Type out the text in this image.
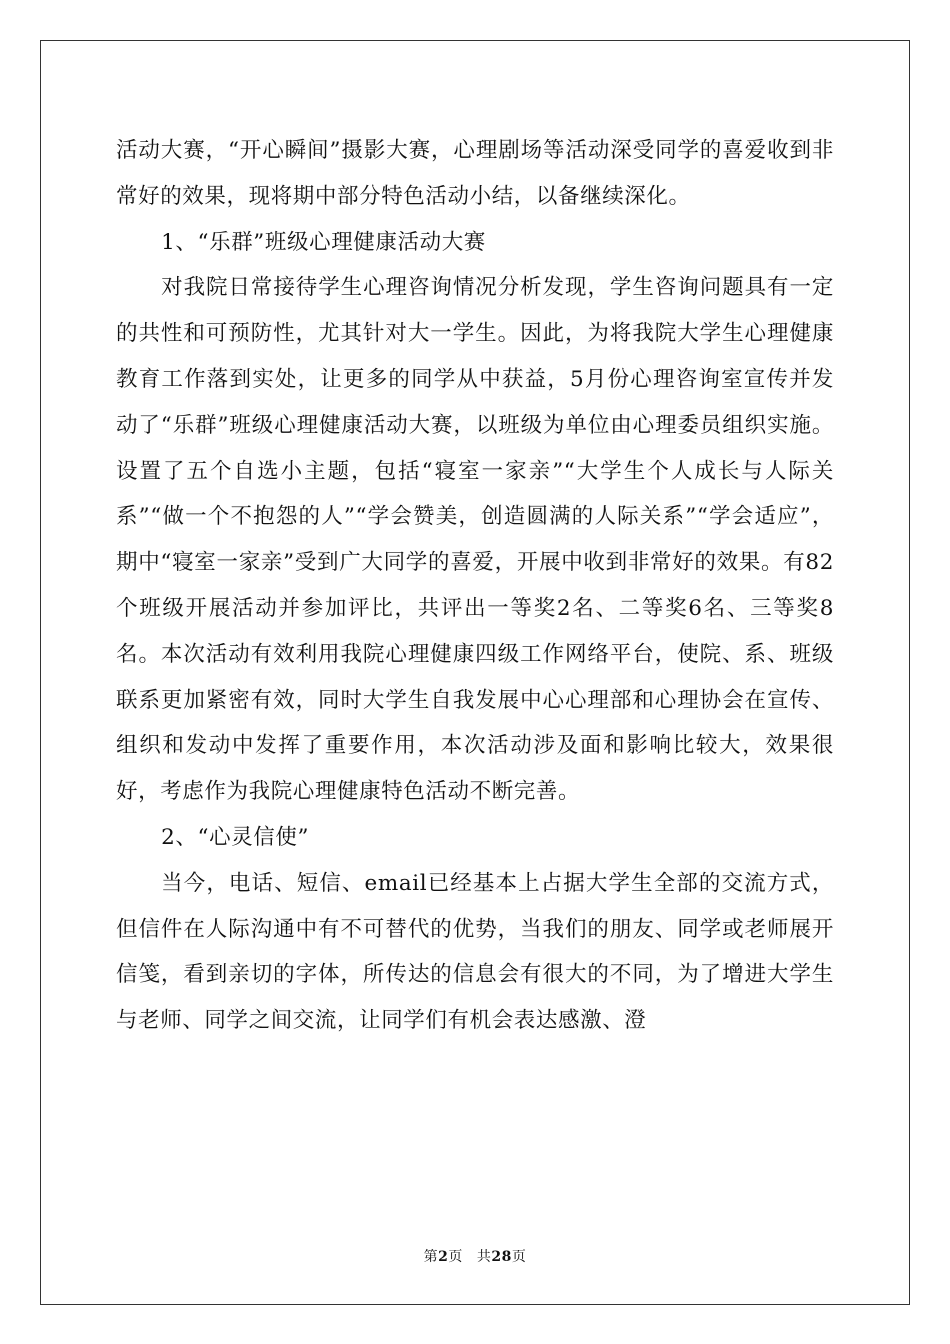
活动大赛，“开心瞬间”摄影大赛，心理剧场等活动深受同学的喜爱收到非常好的效果，现将期中部分特色活动小结，以备继续深化。

1、“乐群”班级心理健康活动大赛

对我院日常接待学生心理咨询情况分析发现，学生咨询问题具有一定的共性和可预防性，尤其针对大一学生。因此，为将我院大学生心理健康教育工作落到实处，让更多的同学从中获益，5月份心理咨询室宣传并发动了“乐群”班级心理健康活动大赛，以班级为单位由心理委员组织实施。设置了五个自选小主题，包括“寝室一家亲”“大学生个人成长与人际关系”“做一个不抱怨的人”“学会赞美，创造圆满的人际关系”“学会适应”，期中“寝室一家亲”受到广大同学的喜爱，开展中收到非常好的效果。有82个班级开展活动并参加评比，共评出一等奖2名、二等奖6名、三等奖8名。本次活动有效利用我院心理健康四级工作网络平台，使院、系、班级联系更加紧密有效，同时大学生自我发展中心心理部和心理协会在宣传、组织和发动中发挥了重要作用，本次活动涉及面和影响比较大，效果很好，考虑作为我院心理健康特色活动不断完善。

2、“心灵信使”

当今，电话、短信、email已经基本上占据大学生全部的交流方式，但信件在人际沟通中有不可替代的优势，当我们的朋友、同学或老师展开信笺，看到亲切的字体，所传达的信息会有很大的不同，为了增进大学生与老师、同学之间交流，让同学们有机会表达感激、澄

第2页 共28页
